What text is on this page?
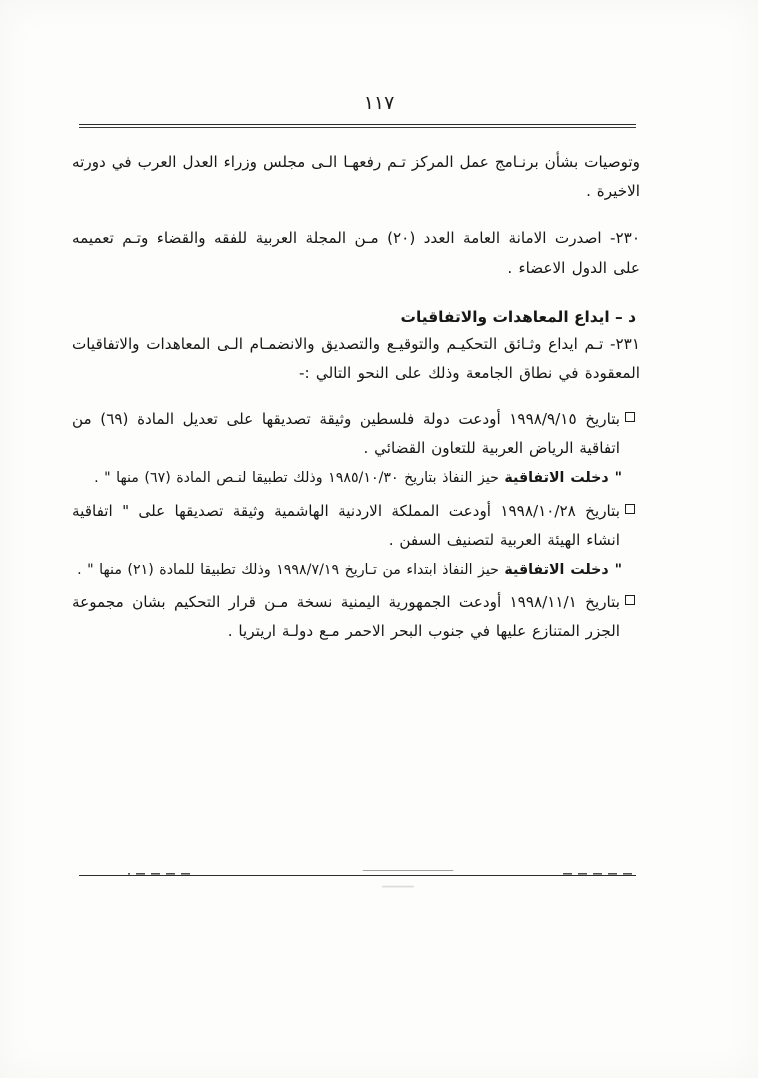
١١٧

وتوصيات بشأن برنـامج عمل المركز تـم رفعهـا الـى مجلس وزراء العدل العرب في دورته الاخيرة .

٢٣٠- اصدرت الامانة العامة العدد (٢٠) مـن المجلة العربية للفقه والقضاء وتـم تعميمه على الدول الاعضاء .

د – ايداع المعاهدات والاتفاقيات

٢٣١- تـم ايداع وثـائق التحكيـم والتوقيـع والتصديق والانضمـام الـى المعاهدات والاتفاقيات المعقودة في نطاق الجامعة وذلك على النحو التالي :-

بتاريخ ١٩٩٨/٩/١٥ أودعت دولة فلسطين وثيقة تصديقها على تعديل المادة (٦٩) من اتفاقية الرياض العربية للتعاون القضائي .

" دخلت الاتفاقية حيز النفاذ بتاريخ ١٩٨٥/١٠/٣٠ وذلك تطبيقا لنـص المادة (٦٧) منها " .

بتاريخ ١٩٩٨/١٠/٢٨ أودعت المملكة الاردنية الهاشمية وثيقة تصديقها على " اتفاقية انشاء الهيئة العربية لتصنيف السفن .

" دخلت الاتفاقية حيز النفاذ ابتداء من تـاريخ ١٩٩٨/٧/١٩ وذلك تطبيقا للمادة (٢١) منها " .

بتاريخ ١٩٩٨/١١/١ أودعت الجمهورية اليمنية نسخة مـن قرار التحكيم بشان مجموعة الجزر المتنازع عليها في جنوب البحر الاحمر مـع دولـة اريتريا .
ــــــــــــــــــــــــــــ
ــــــــــــ
